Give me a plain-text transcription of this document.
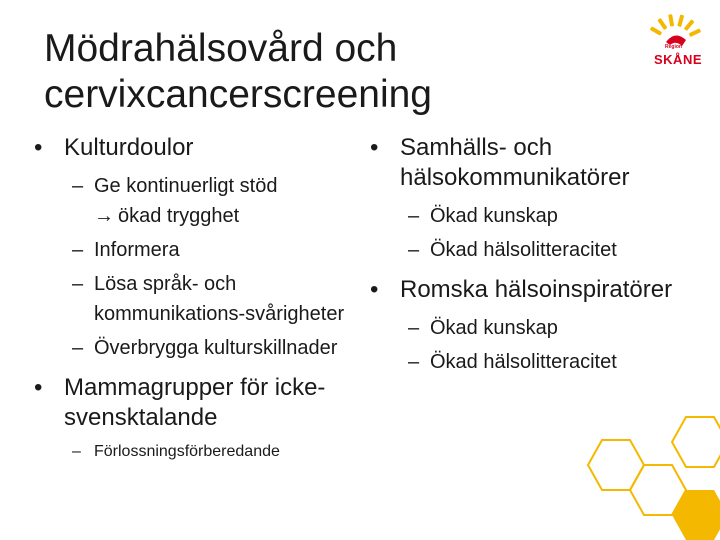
Mödrahälsovård och cervixcancerscreening
Region
SKÅNE
• Kulturdoulor
– Ge kontinuerligt stöd
→ ökad trygghet
– Informera
– Lösa språk- och kommunikations-svårigheter
– Överbrygga kulturskillnader
• Mammagrupper för icke-svensktalande
– Förlossningsförberedande
• Samhälls- och hälsokommunikatörer
– Ökad kunskap
– Ökad hälsolitteracitet
• Romska hälsoinspiratörer
– Ökad kunskap
– Ökad hälsolitteracitet
